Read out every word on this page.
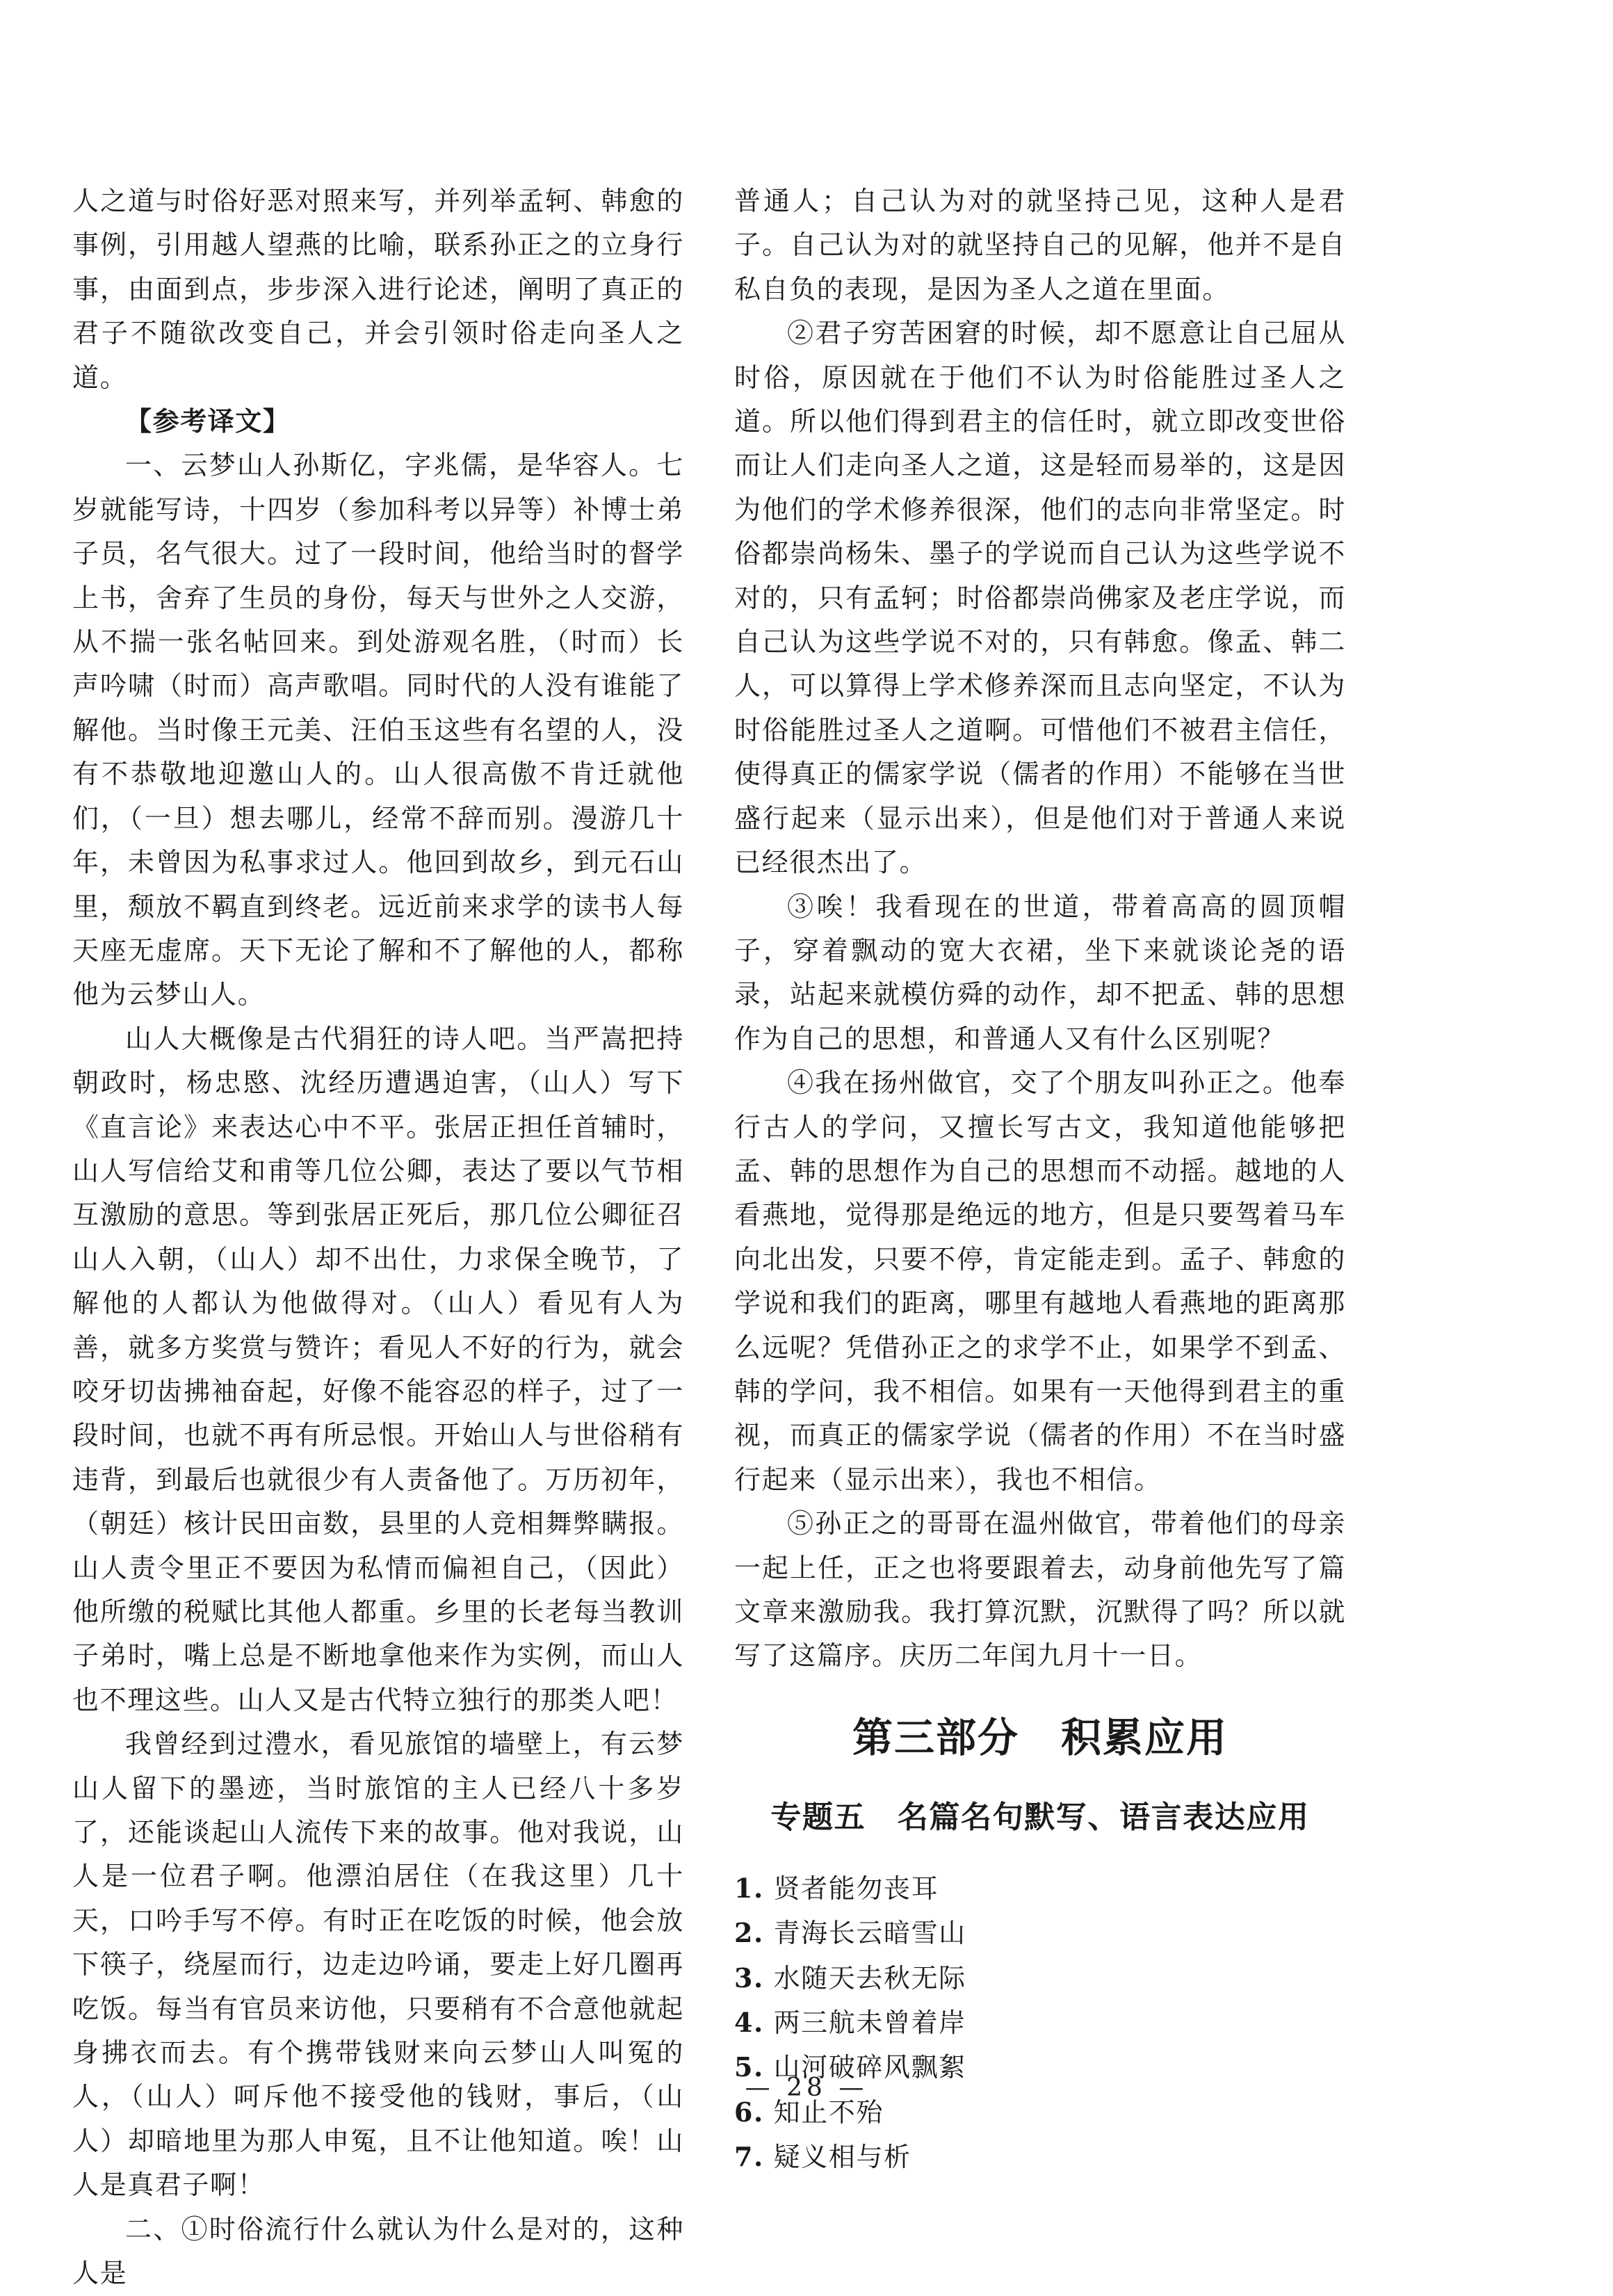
人之道与时俗好恶对照来写，并列举孟轲、韩愈的事例，引用越人望燕的比喻，联系孙正之的立身行事，由面到点，步步深入进行论述，阐明了真正的君子不随欲改变自己，并会引领时俗走向圣人之道。

【参考译文】

一、云梦山人孙斯亿，字兆儒，是华容人。七岁就能写诗，十四岁（参加科考以异等）补博士弟子员，名气很大。过了一段时间，他给当时的督学上书，舍弃了生员的身份，每天与世外之人交游，从不揣一张名帖回来。到处游观名胜，（时而）长声吟啸（时而）高声歌唱。同时代的人没有谁能了解他。当时像王元美、汪伯玉这些有名望的人，没有不恭敬地迎邀山人的。山人很高傲不肯迁就他们，（一旦）想去哪儿，经常不辞而别。漫游几十年，未曾因为私事求过人。他回到故乡，到元石山里，颓放不羁直到终老。远近前来求学的读书人每天座无虚席。天下无论了解和不了解他的人，都称他为云梦山人。

山人大概像是古代狷狂的诗人吧。当严嵩把持朝政时，杨忠愍、沈经历遭遇迫害，（山人）写下《直言论》来表达心中不平。张居正担任首辅时，山人写信给艾和甫等几位公卿，表达了要以气节相互激励的意思。等到张居正死后，那几位公卿征召山人入朝，（山人）却不出仕，力求保全晚节，了解他的人都认为他做得对。（山人）看见有人为善，就多方奖赏与赞许；看见人不好的行为，就会咬牙切齿拂袖奋起，好像不能容忍的样子，过了一段时间，也就不再有所忌恨。开始山人与世俗稍有违背，到最后也就很少有人责备他了。万历初年，（朝廷）核计民田亩数，县里的人竞相舞弊瞒报。山人责令里正不要因为私情而偏袒自己，（因此）他所缴的税赋比其他人都重。乡里的长老每当教训子弟时，嘴上总是不断地拿他来作为实例，而山人也不理这些。山人又是古代特立独行的那类人吧！

我曾经到过澧水，看见旅馆的墙壁上，有云梦山人留下的墨迹，当时旅馆的主人已经八十多岁了，还能谈起山人流传下来的故事。他对我说，山人是一位君子啊。他漂泊居住（在我这里）几十天，口吟手写不停。有时正在吃饭的时候，他会放下筷子，绕屋而行，边走边吟诵，要走上好几圈再吃饭。每当有官员来访他，只要稍有不合意他就起身拂衣而去。有个携带钱财来向云梦山人叫冤的人，（山人）呵斥他不接受他的钱财，事后，（山人）却暗地里为那人申冤，且不让他知道。唉！山人是真君子啊！

二、①时俗流行什么就认为什么是对的，这种人是

普通人；自己认为对的就坚持己见，这种人是君子。自己认为对的就坚持自己的见解，他并不是自私自负的表现，是因为圣人之道在里面。

②君子穷苦困窘的时候，却不愿意让自己屈从时俗，原因就在于他们不认为时俗能胜过圣人之道。所以他们得到君主的信任时，就立即改变世俗而让人们走向圣人之道，这是轻而易举的，这是因为他们的学术修养很深，他们的志向非常坚定。时俗都崇尚杨朱、墨子的学说而自己认为这些学说不对的，只有孟轲；时俗都崇尚佛家及老庄学说，而自己认为这些学说不对的，只有韩愈。像孟、韩二人，可以算得上学术修养深而且志向坚定，不认为时俗能胜过圣人之道啊。可惜他们不被君主信任，使得真正的儒家学说（儒者的作用）不能够在当世盛行起来（显示出来），但是他们对于普通人来说已经很杰出了。

③唉！我看现在的世道，带着高高的圆顶帽子，穿着飘动的宽大衣裙，坐下来就谈论尧的语录，站起来就模仿舜的动作，却不把孟、韩的思想作为自己的思想，和普通人又有什么区别呢？

④我在扬州做官，交了个朋友叫孙正之。他奉行古人的学问，又擅长写古文，我知道他能够把孟、韩的思想作为自己的思想而不动摇。越地的人看燕地，觉得那是绝远的地方，但是只要驾着马车向北出发，只要不停，肯定能走到。孟子、韩愈的学说和我们的距离，哪里有越地人看燕地的距离那么远呢？凭借孙正之的求学不止，如果学不到孟、韩的学问，我不相信。如果有一天他得到君主的重视，而真正的儒家学说（儒者的作用）不在当时盛行起来（显示出来），我也不相信。

⑤孙正之的哥哥在温州做官，带着他们的母亲一起上任，正之也将要跟着去，动身前他先写了篇文章来激励我。我打算沉默，沉默得了吗？所以就写了这篇序。庆历二年闰九月十一日。

第三部分　积累应用
专题五　名篇名句默写、语言表达应用
1. 贤者能勿丧耳
2. 青海长云暗雪山
3. 水随天去秋无际
4. 两三航未曾着岸
5. 山河破碎风飘絮
6. 知止不殆
7. 疑义相与析
— 28 —
